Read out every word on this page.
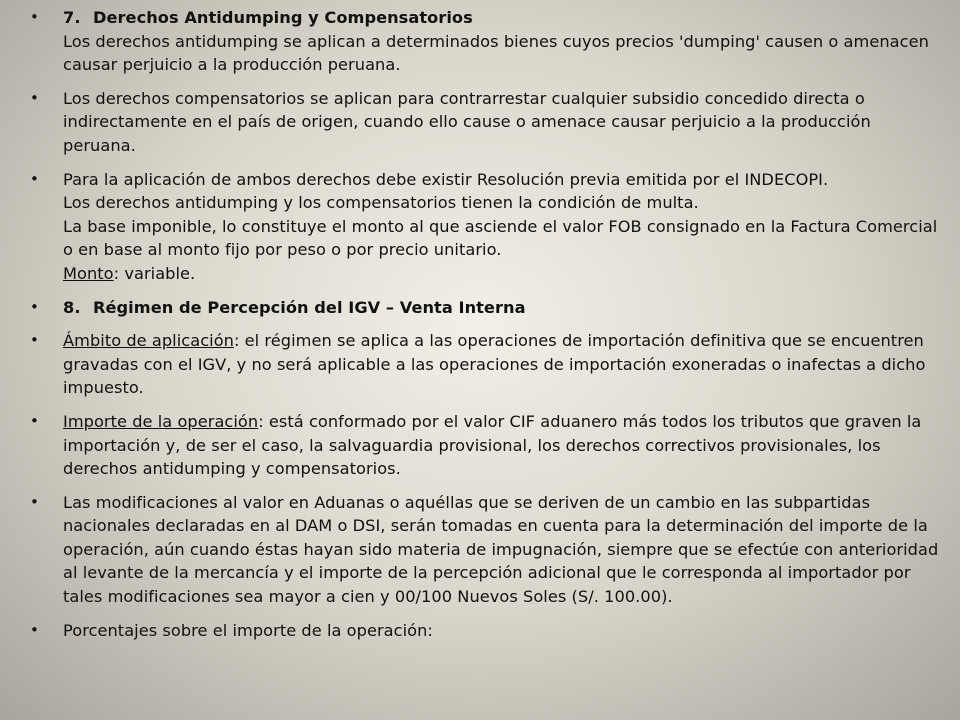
• 7. Derechos Antidumping y Compensatorios
Los derechos antidumping se aplican a determinados bienes cuyos precios 'dumping' causen o amenacen causar perjuicio a la producción peruana.
• Los derechos compensatorios se aplican para contrarrestar cualquier subsidio concedido directa o indirectamente en el país de origen, cuando ello cause o amenace causar perjuicio a la producción peruana.
• Para la aplicación de ambos derechos debe existir Resolución previa emitida por el INDECOPI.
Los derechos antidumping y los compensatorios tienen la condición de multa.
La base imponible, lo constituye el monto al que asciende el valor FOB consignado en la Factura Comercial o en base al monto fijo por peso o por precio unitario.
Monto: variable.
• 8. Régimen de Percepción del IGV – Venta Interna
• Ámbito de aplicación: el régimen se aplica a las operaciones de importación definitiva que se encuentren gravadas con el IGV, y no será aplicable a las operaciones de importación exoneradas o inafectas a dicho impuesto.
• Importe de la operación: está conformado por el valor CIF aduanero más todos los tributos que graven la importación y, de ser el caso, la salvaguardia provisional, los derechos correctivos provisionales, los derechos antidumping y compensatorios.
• Las modificaciones al valor en Aduanas o aquéllas que se deriven de un cambio en las subpartidas nacionales declaradas en al DAM o DSI, serán tomadas en cuenta para la determinación del importe de la operación, aún cuando éstas hayan sido materia de impugnación, siempre que se efectúe con anterioridad al levante de la mercancía y el importe de la percepción adicional que le corresponda al importador por tales modificaciones sea mayor a cien y 00/100 Nuevos Soles (S/. 100.00).
• Porcentajes sobre el importe de la operación:
